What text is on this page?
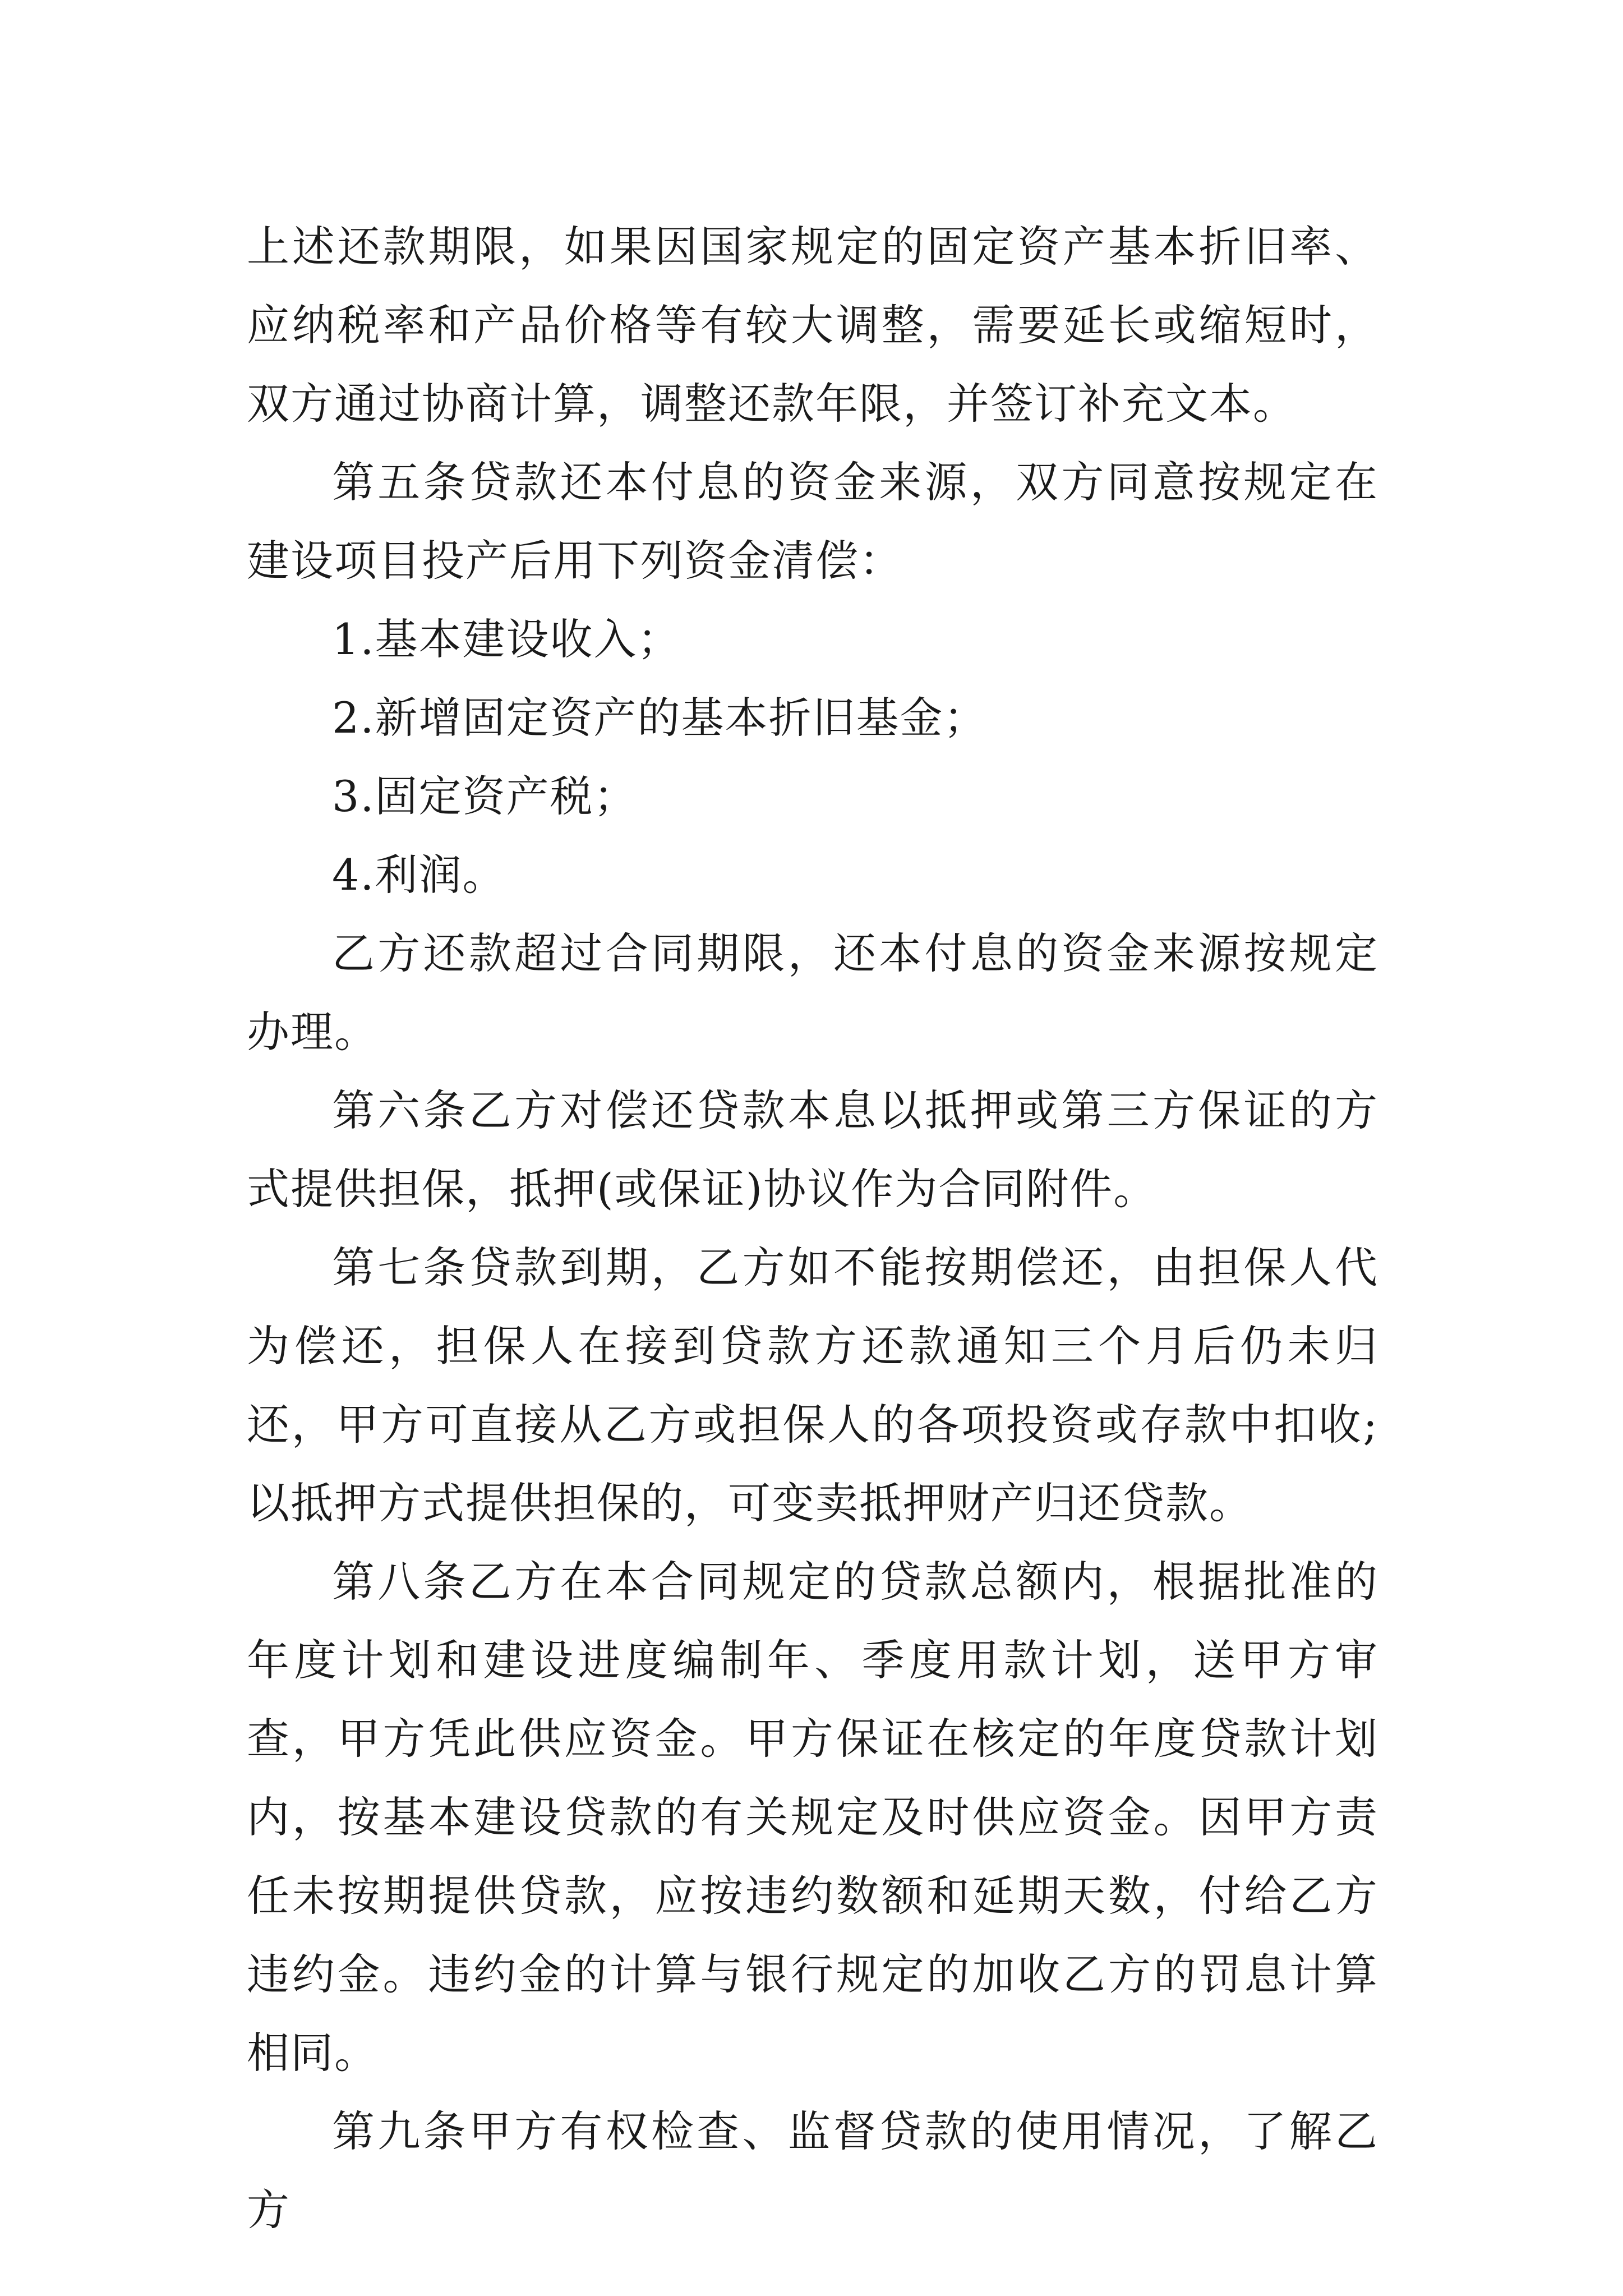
上述还款期限，如果因国家规定的固定资产基本折旧率、应纳税率和产品价格等有较大调整，需要延长或缩短时，双方通过协商计算，调整还款年限，并签订补充文本。

第五条贷款还本付息的资金来源，双方同意按规定在建设项目投产后用下列资金清偿：

1.基本建设收入；

2.新增固定资产的基本折旧基金；

3.固定资产税；

4.利润。

乙方还款超过合同期限，还本付息的资金来源按规定办理。

第六条乙方对偿还贷款本息以抵押或第三方保证的方式提供担保，抵押(或保证)协议作为合同附件。

第七条贷款到期，乙方如不能按期偿还，由担保人代为偿还，担保人在接到贷款方还款通知三个月后仍未归还，甲方可直接从乙方或担保人的各项投资或存款中扣收;以抵押方式提供担保的，可变卖抵押财产归还贷款。

第八条乙方在本合同规定的贷款总额内，根据批准的年度计划和建设进度编制年、季度用款计划，送甲方审查，甲方凭此供应资金。甲方保证在核定的年度贷款计划内，按基本建设贷款的有关规定及时供应资金。因甲方责任未按期提供贷款，应按违约数额和延期天数，付给乙方违约金。违约金的计算与银行规定的加收乙方的罚息计算相同。

第九条甲方有权检查、监督贷款的使用情况，了解乙方
